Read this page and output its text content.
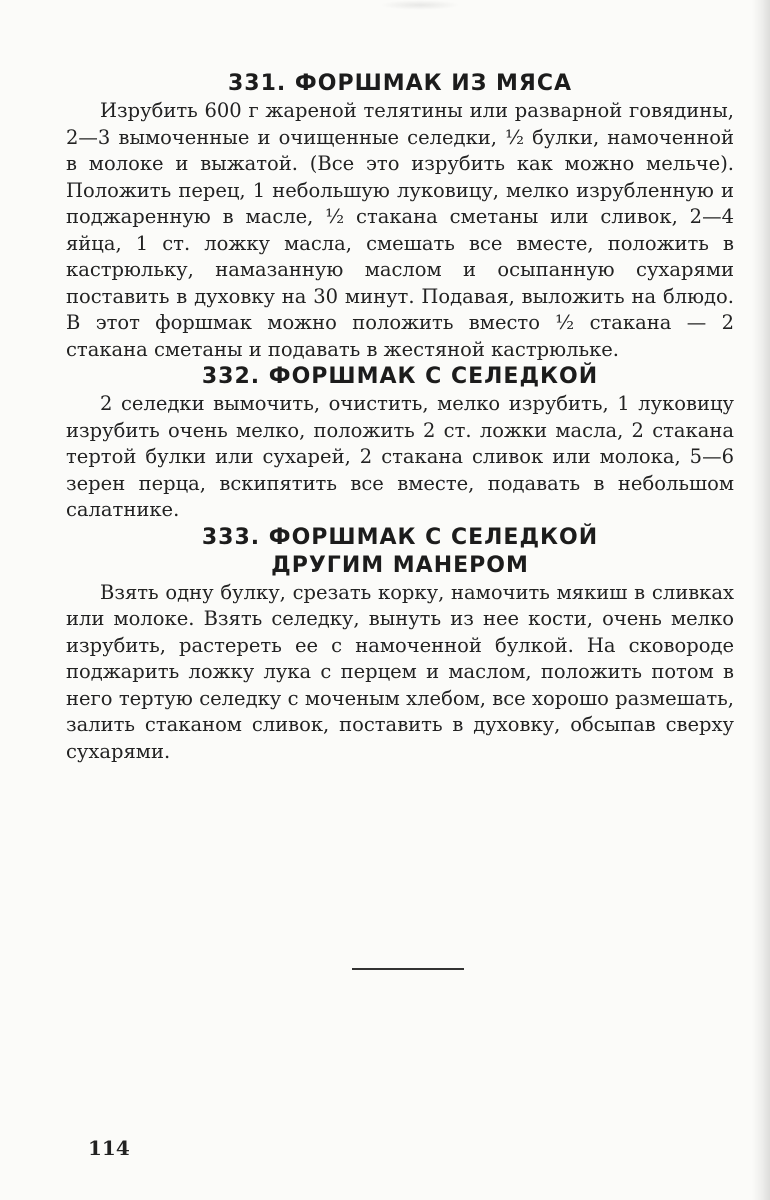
331. ФОРШМАК ИЗ МЯСА

Изрубить 600 г жареной телятины или разварной говядины, 2—3 вымоченные и очищенные селедки, ½ булки, намоченной в молоке и выжатой. (Все это изрубить как можно мельче). Положить перец, 1 небольшую луковицу, мелко изрубленную и поджаренную в масле, ½ стакана сметаны или сливок, 2—4 яйца, 1 ст. ложку масла, смешать все вместе, положить в кастрюльку, намазанную маслом и осыпанную сухарями поставить в духовку на 30 минут. Подавая, выложить на блюдо. В этот форшмак можно положить вместо ½ стакана — 2 стакана сметаны и подавать в жестяной кастрюльке.

332. ФОРШМАК С СЕЛЕДКОЙ

2 селедки вымочить, очистить, мелко изрубить, 1 луковицу изрубить очень мелко, положить 2 ст. ложки масла, 2 стакана тертой булки или сухарей, 2 стакана сливок или молока, 5—6 зерен перца, вскипятить все вместе, подавать в небольшом салатнике.

333. ФОРШМАК С СЕЛЕДКОЙ
ДРУГИМ МАНЕРОМ

Взять одну булку, срезать корку, намочить мякиш в сливках или молоке. Взять селедку, вынуть из нее кости, очень мелко изрубить, растереть ее с намоченной булкой. На сковороде поджарить ложку лука с перцем и маслом, положить потом в него тертую селедку с моченым хлебом, все хорошо размешать, залить стаканом сливок, поставить в духовку, обсыпав сверху сухарями.

114
